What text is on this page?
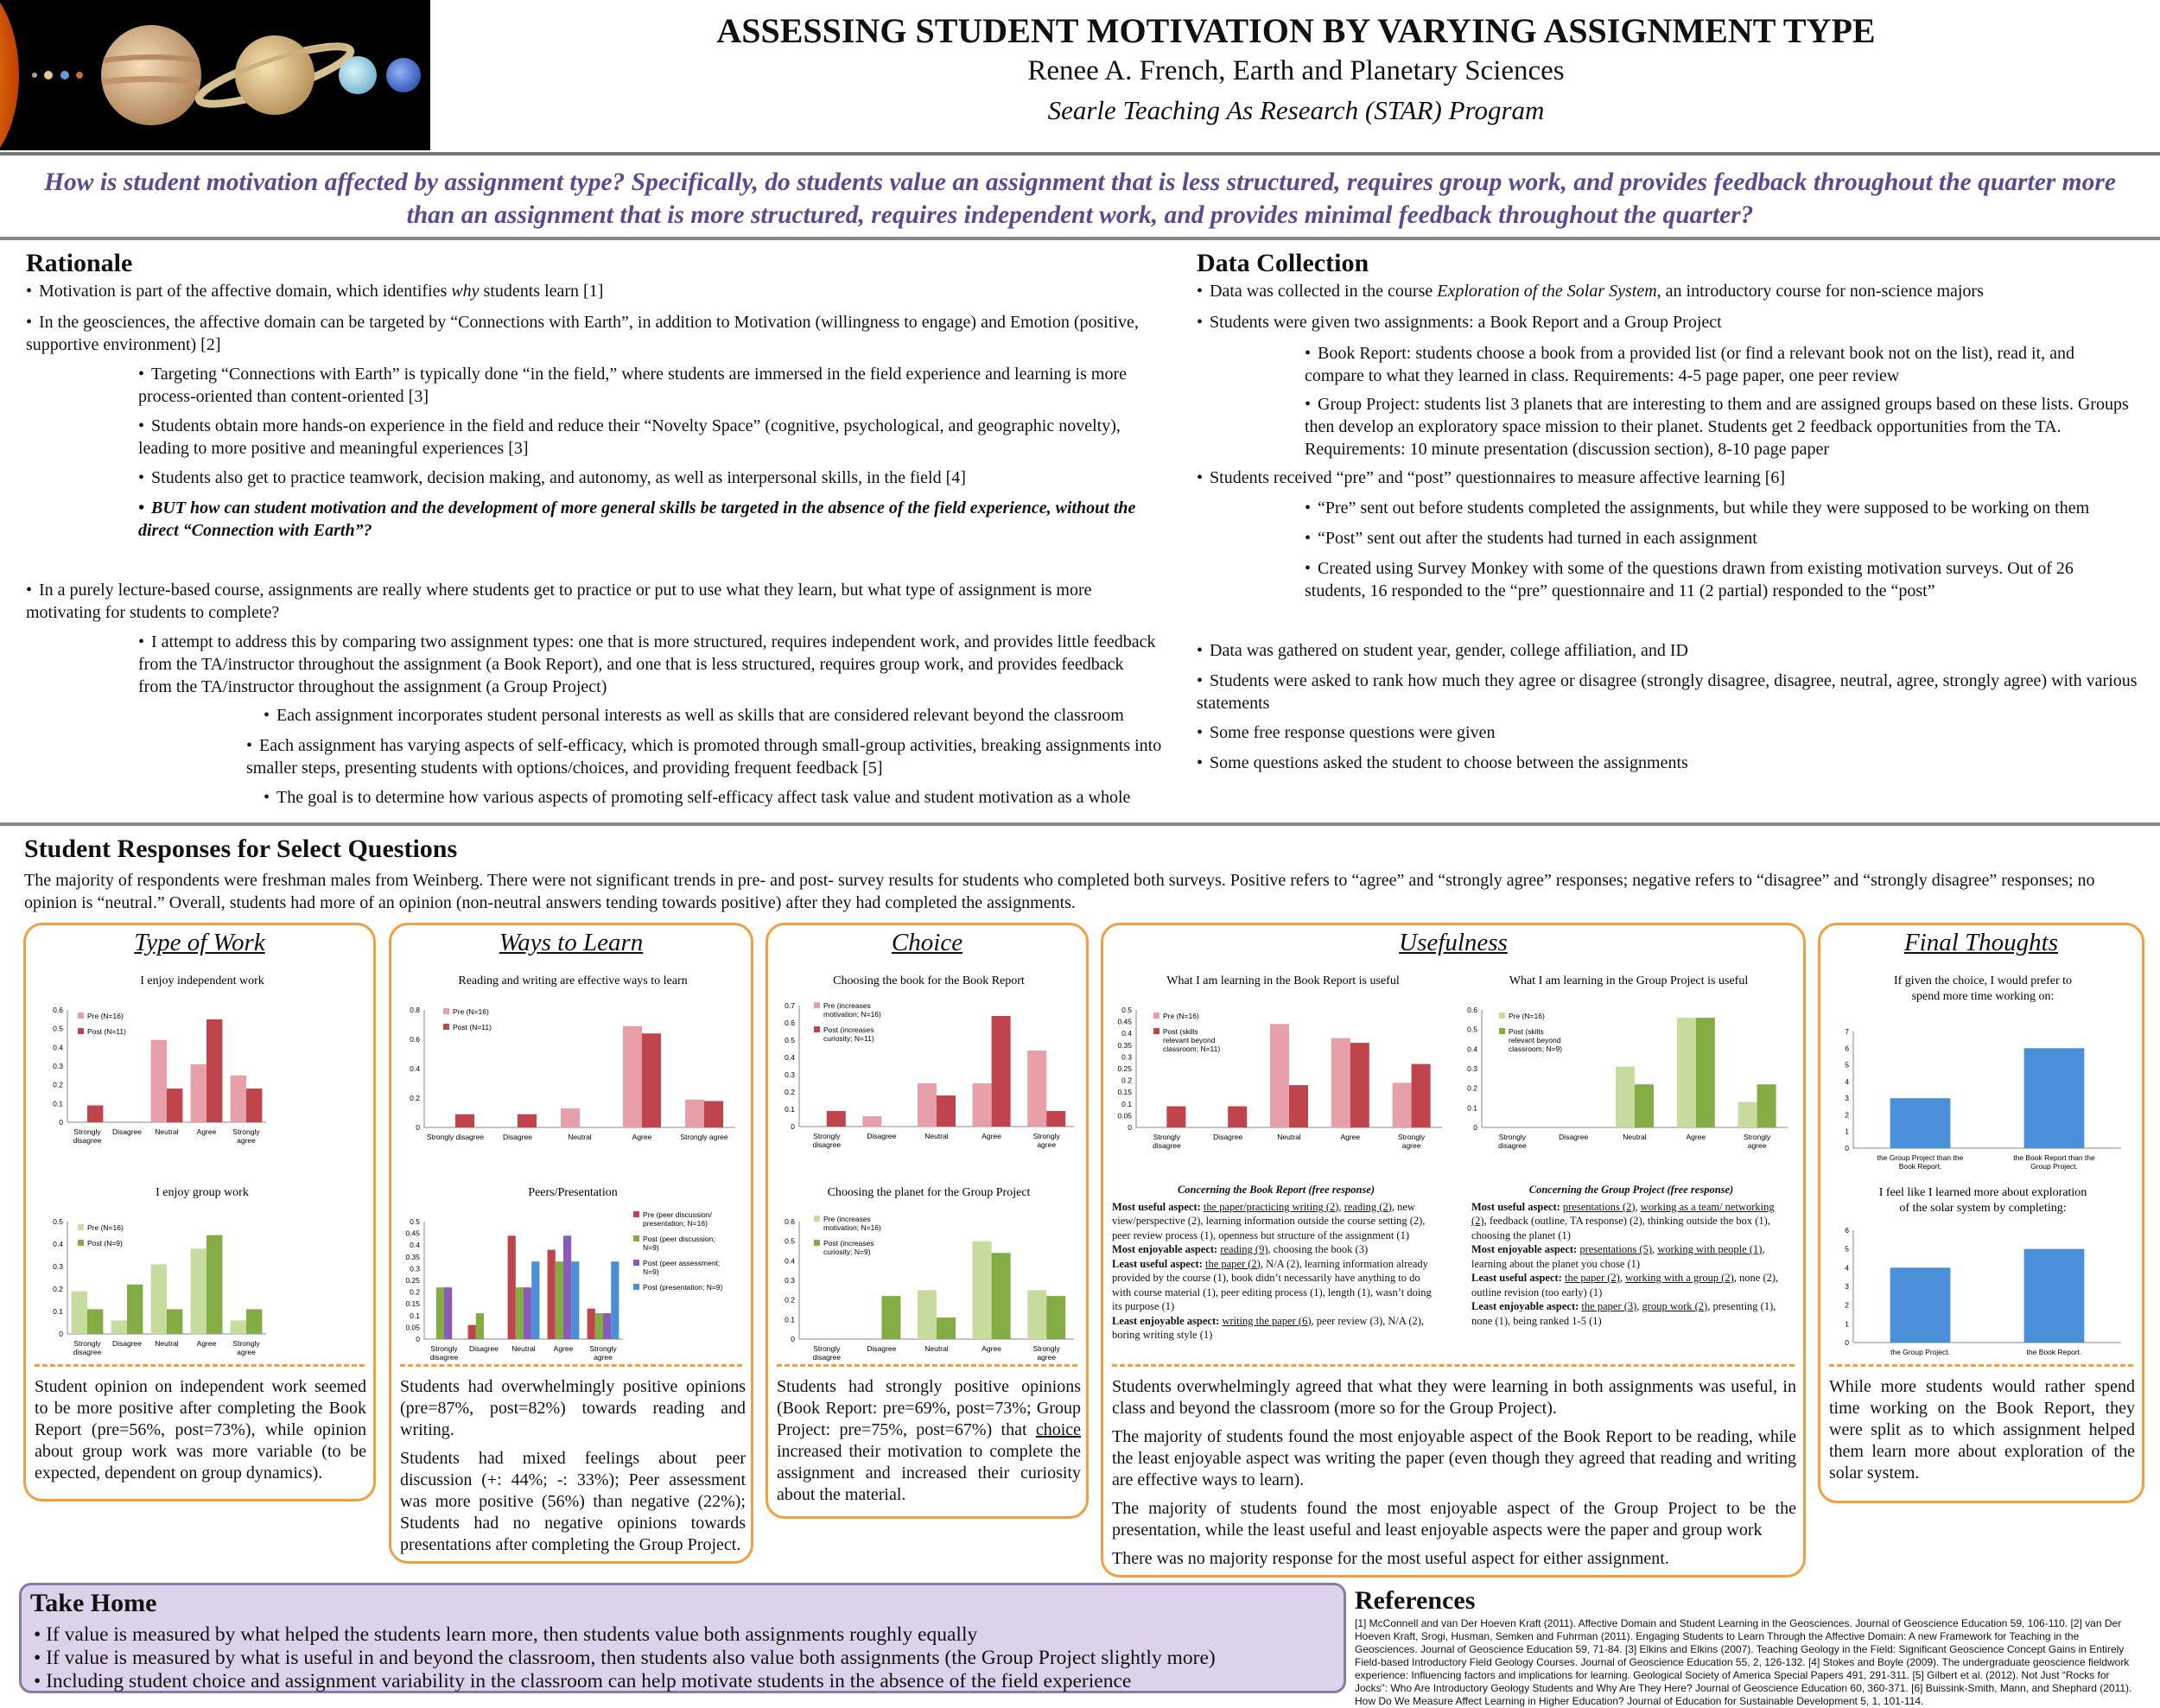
ASSESSING STUDENT MOTIVATION BY VARYING ASSIGNMENT TYPE
Renee A. French, Earth and Planetary Sciences
Searle Teaching As Research (STAR) Program
How is student motivation affected by assignment type? Specifically, do students value an assignment that is less structured, requires group work, and provides feedback throughout the quarter more than an assignment that is more structured, requires independent work, and provides minimal feedback throughout the quarter?
Rationale
• Motivation is part of the affective domain, which identifies why students learn [1]
• In the geosciences, the affective domain can be targeted by “Connections with Earth”, in addition to Motivation (willingness to engage) and Emotion (positive, supportive environment) [2]
• Targeting “Connections with Earth” is typically done “in the field,” where students are immersed in the field experience and learning is more process-oriented than content-oriented [3]
• Students obtain more hands-on experience in the field and reduce their “Novelty Space” (cognitive, psychological, and geographic novelty), leading to more positive and meaningful experiences [3]
• Students also get to practice teamwork, decision making, and autonomy, as well as interpersonal skills, in the field [4]
• BUT how can student motivation and the development of more general skills be targeted in the absence of the field experience, without the direct “Connection with Earth”?
• In a purely lecture-based course, assignments are really where students get to practice or put to use what they learn, but what type of assignment is more motivating for students to complete?
• I attempt to address this by comparing two assignment types: one that is more structured, requires independent work, and provides little feedback from the TA/instructor throughout the assignment (a Book Report), and one that is less structured, requires group work, and provides feedback from the TA/instructor throughout the assignment (a Group Project)
• Each assignment incorporates student personal interests as well as skills that are considered relevant beyond the classroom
• Each assignment has varying aspects of self-efficacy, which is promoted through small-group activities, breaking assignments into smaller steps, presenting students with options/choices, and providing frequent feedback [5]
• The goal is to determine how various aspects of promoting self-efficacy affect task value and student motivation as a whole
Data Collection
• Data was collected in the course Exploration of the Solar System, an introductory course for non-science majors
• Students were given two assignments: a Book Report and a Group Project
• Book Report: students choose a book from a provided list (or find a relevant book not on the list), read it, and compare to what they learned in class. Requirements: 4-5 page paper, one peer review
• Group Project: students list 3 planets that are interesting to them and are assigned groups based on these lists. Groups then develop an exploratory space mission to their planet. Students get 2 feedback opportunities from the TA. Requirements: 10 minute presentation (discussion section), 8-10 page paper
• Students received “pre” and “post” questionnaires to measure affective learning [6]
• “Pre” sent out before students completed the assignments, but while they were supposed to be working on them
• “Post” sent out after the students had turned in each assignment
• Created using Survey Monkey with some of the questions drawn from existing motivation surveys. Out of 26 students, 16 responded to the “pre” questionnaire and 11 (2 partial) responded to the “post”
• Data was gathered on student year, gender, college affiliation, and ID
• Students were asked to rank how much they agree or disagree (strongly disagree, disagree, neutral, agree, strongly agree) with various statements
• Some free response questions were given
• Some questions asked the student to choose between the assignments
Student Responses for Select Questions
The majority of respondents were freshman males from Weinberg. There were not significant trends in pre- and post- survey results for students who completed both surveys. Positive refers to “agree” and “strongly agree” responses; negative refers to “disagree” and “strongly disagree” responses; no opinion is “neutral.” Overall, students had more of an opinion (non-neutral answers tending towards positive) after they had completed the assignments.
Type of Work
I enjoy independent work
0
0.1
0.2
0.3
0.4
0.5
0.6
Strongly
disagree
Disagree Neutral Agree Strongly
agree
Pre (N=16)
Post (N=11)
I enjoy group work
0
0.1
0.2
0.3
0.4
0.5
Strongly
disagree
Disagree Neutral Agree Strongly
agree
Pre (N=16)
Post (N=9)
Student opinion on independent work seemed to be more positive after completing the Book Report (pre=56%, post=73%), while opinion about group work was more variable (to be expected, dependent on group dynamics).
Ways to Learn
Reading and writing are effective ways to learn
0
0.2
0.4
0.6
0.8
Strongly disagree	Disagree	Neutral	Agree	Strongly agree
Pre (N=16)
Post (N=11)
Peers/Presentation
0
0.05
0.1
0.15
0.2
0.25
0.3
0.35
0.4
0.45
0.5
Strongly
disagree
Disagree Neutral Agree Strongly
agree
Pre (peer discussion/
presentation; N=16)
Post (peer discussion;
N=9)
Post (peer assessment;
N=9)
Post (presentation; N=9)

Students had overwhelmingly positive opinions (pre=87%, post=82%) towards reading and writing.

Students had mixed feelings about peer discussion (+: 44%; -: 33%); Peer assessment was more positive (56%) than negative (22%); Students had no negative opinions towards presentations after completing the Group Project.

Choice
Choosing the book for the Book Report
0
0.1
0.2
0.3
0.4
0.5
0.6
0.7
Strongly
disagree
Disagree	Neutral	Agree	Strongly
agree
Pre (increases
motivation; N=16)
Post (increases
curiosity; N=11)
Choosing the planet for the Group Project
0
0.1
0.2
0.3
0.4
0.5
0.6
Strongly
disagree
Disagree	Neutral	Agree	Strongly
agree
Pre (increases
motivation; N=16)
Post (increases
curiosity; N=9)
Students had strongly positive opinions (Book Report: pre=69%, post=73%; Group Project: pre=75%, post=67%) that choice increased their motivation to complete the assignment and increased their curiosity about the material.
Usefulness
What I am learning in the Book Report is useful
0
0.05
0.1
0.15
0.2
0.25
0.3
0.35
0.4
0.45
0.5
Strongly
disagree
Disagree	Neutral	Agree	Strongly
agree
Pre (N=16)
Post (skills
relevant beyond
classroom; N=11)
What I am learning in the Group Project is useful
0
0.1
0.2
0.3
0.4
0.5
0.6
Strongly
disagree
Disagree	Neutral	Agree	Strongly
agree
Pre (N=16)
Post (skills
relevant beyond
classroom; N=9)
Concerning the Book Report (free response)
Most useful aspect: the paper/practicing writing (2), reading (2), new view/perspective (2), learning information outside the course setting (2), peer review process (1), openness but structure of the assignment (1)
Most enjoyable aspect: reading (9), choosing the book (3)
Least useful aspect: the paper (2), N/A (2), learning information already provided by the course (1), book didn’t necessarily have anything to do with course material (1), peer editing process (1), length (1), wasn’t doing its purpose (1)
Least enjoyable aspect: writing the paper (6), peer review (3), N/A (2), boring writing style (1)
Concerning the Group Project (free response)
Most useful aspect: presentations (2), working as a team/ networking (2), feedback (outline, TA response) (2), thinking outside the box (1), choosing the planet (1)
Most enjoyable aspect: presentations (5), working with people (1), learning about the planet you chose (1)
Least useful aspect: the paper (2), working with a group (2), none (2), outline revision (too early) (1)
Least enjoyable aspect: the paper (3), group work (2), presenting (1), none (1), being ranked 1-5 (1)

Students overwhelmingly agreed that what they were learning in both assignments was useful, in class and beyond the classroom (more so for the Group Project).

The majority of students found the most enjoyable aspect of the Book Report to be reading, while the least enjoyable aspect was writing the paper (even though they agreed that reading and writing are effective ways to learn).

The majority of students found the most enjoyable aspect of the Group Project to be the presentation, while the least useful and least enjoyable aspects were the paper and group work

There was no majority response for the most useful aspect for either assignment.

Final Thoughts
If given the choice, I would prefer to
spend more time working on:
0
1
2
3
4
5
6
7
the Group Project than the
Book Report.
the Book Report than the
Group Project.
I feel like I learned more about exploration
of the solar system by completing:
0
1
2
3
4
5
6
the Group Project.	the Book Report.
While more students would rather spend time working on the Book Report, they were split as to which assignment helped them learn more about exploration of the solar system.
Take Home
• If value is measured by what helped the students learn more, then students value both assignments roughly equally
• If value is measured by what is useful in and beyond the classroom, then students also value both assignments (the Group Project slightly more)
• Including student choice and assignment variability in the classroom can help motivate students in the absence of the field experience
References
[1] McConnell and van Der Hoeven Kraft (2011). Affective Domain and Student Learning in the Geosciences. Journal of Geoscience Education 59, 106-110. [2] van Der Hoeven Kraft, Srogi, Husman, Semken and Fuhrman (2011). Engaging Students to Learn Through the Affective Domain: A new Framework for Teaching in the Geosciences. Journal of Geoscience Education 59, 71-84. [3] Elkins and Elkins (2007). Teaching Geology in the Field: Significant Geoscience Concept Gains in Entirely Field-based Introductory Field Geology Courses. Journal of Geoscience Education 55, 2, 126-132. [4] Stokes and Boyle (2009). The undergraduate geoscience fieldwork experience: Influencing factors and implications for learning. Geological Society of America Special Papers 491, 291-311. [5] Gilbert et al. (2012). Not Just “Rocks for Jocks”: Who Are Introductory Geology Students and Why Are They Here? Journal of Geoscience Education 60, 360-371. [6] Buissink-Smith, Mann, and Shephard (2011). How Do We Measure Affect Learning in Higher Education? Journal of Education for Sustainable Development 5, 1, 101-114.
